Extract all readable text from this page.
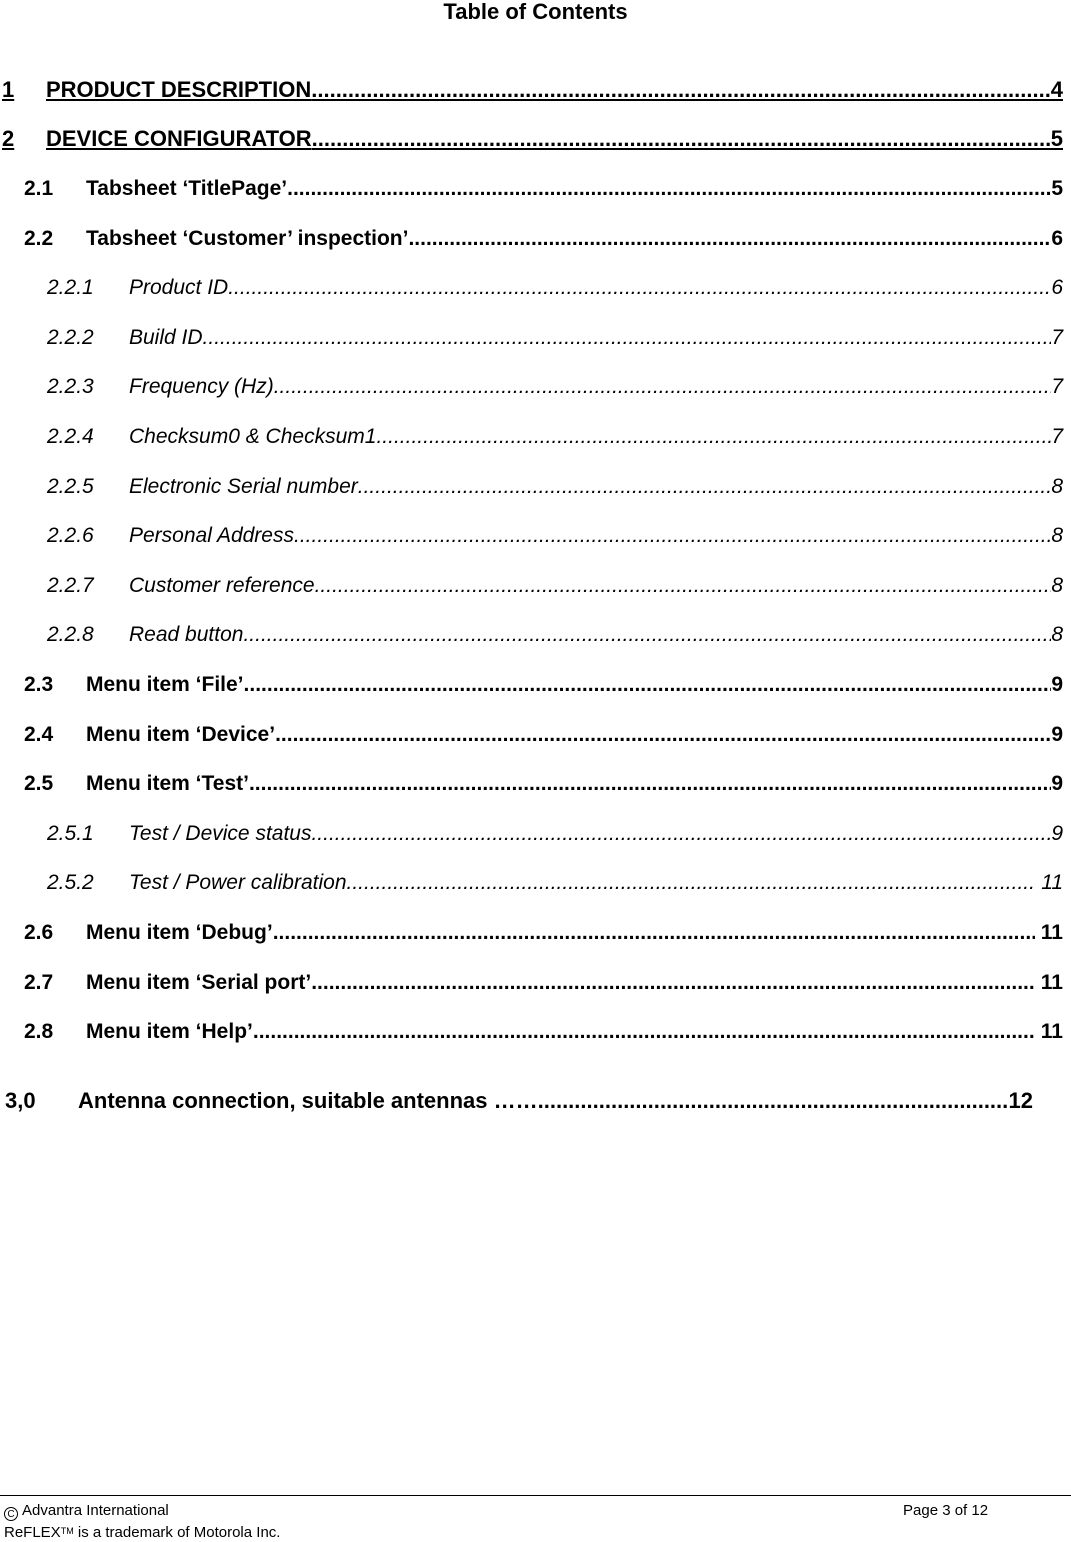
Table of Contents
1	PRODUCT DESCRIPTION .....	4
2	DEVICE CONFIGURATOR .....	5
2.1	Tabsheet ‘TitlePage’ .....	5
2.2	Tabsheet ‘Customer’ inspection’ .....	6
2.2.1	Product ID .....	6
2.2.2	Build ID .....	7
2.2.3	Frequency (Hz) .....	7
2.2.4	Checksum0 & Checksum1 .....	7
2.2.5	Electronic Serial number .....	8
2.2.6	Personal Address .....	8
2.2.7	Customer reference .....	8
2.2.8	Read button .....	8
2.3	Menu item ‘File’ .....	9
2.4	Menu item ‘Device’ .....	9
2.5	Menu item ‘Test’ .....	9
2.5.1	Test / Device status .....	9
2.5.2	Test / Power calibration .....	11
2.6	Menu item ‘Debug’ .....	11
2.7	Menu item ‘Serial port’ .....	11
2.8	Menu item ‘Help’ .....	11
3,0	Antenna connection, suitable antennas ……. .....	12
C Advantra International	Page 3 of 12
ReFLEX™ is a trademark of Motorola Inc.
